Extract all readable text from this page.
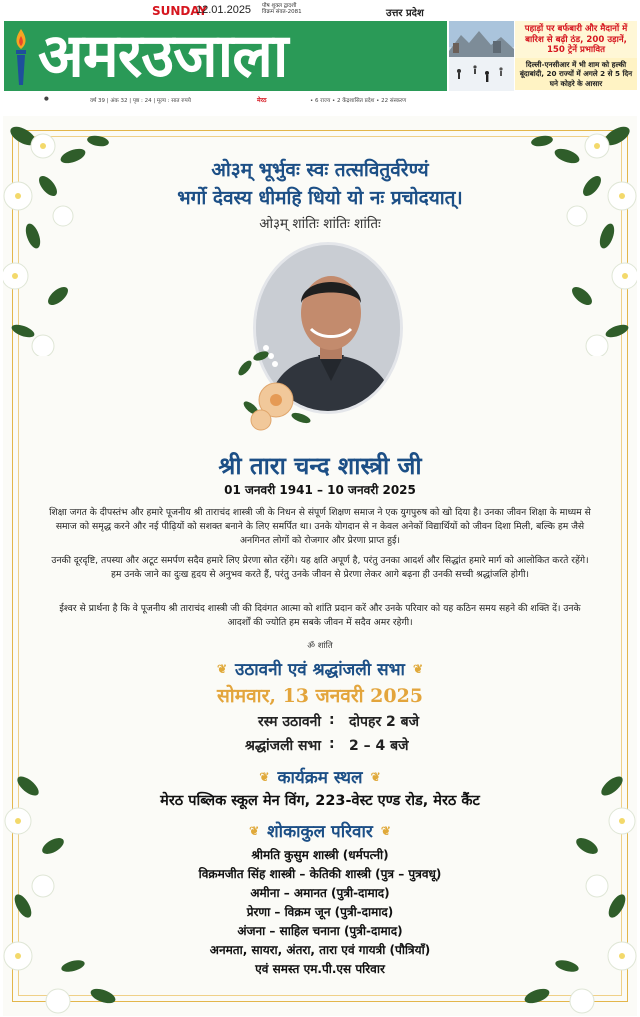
SUNDAY
12.01.2025 पौष शुक्ल द्वादशी
विक्रम संवत-2081	उत्तर प्रदेश
अमरउजाला	पहाड़ों पर बर्फबारी और मैदानों में बारिश से बढ़ी ठंड, 200 उड़ानें, 150 ट्रेनें प्रभावित
दिल्ली-एनसीआर में भी शाम को हल्की बूंदाबांदी, 20 राज्यों में अगले 2 से 5 दिन घने कोहरे के आसार
●	वर्ष 39 | अंक 32 | पृष्ठ : 24 | मूल्य : सात रुपये	मेरठ	• 6 राज्य • 2 केंद्रशासित प्रदेश • 22 संस्करण
ओ३म् भूर्भुवः स्वः तत्सवितुर्वरेण्यं
भर्गो देवस्य धीमहि धियो यो नः प्रचोदयात्।
ओ३म् शांतिः शांतिः शांतिः
श्री तारा चन्द शास्त्री जी
01 जनवरी 1941 – 10 जनवरी 2025
शिक्षा जगत के दीपस्तंभ और हमारे पूजनीय श्री ताराचंद शास्त्री जी के निधन से संपूर्ण शिक्षण समाज ने एक युगपुरुष को खो दिया है। उनका जीवन शिक्षा के माध्यम से समाज को समृद्ध करने और नई पीढ़ियों को सशक्त बनाने के लिए समर्पित था। उनके योगदान से न केवल अनेकों विद्यार्थियों को जीवन दिशा मिली, बल्कि हम जैसे अनगिनत लोगों को रोजगार और प्रेरणा प्राप्त हुई।
उनकी दूरदृष्टि, तपस्या और अटूट समर्पण सदैव हमारे लिए प्रेरणा स्रोत रहेंगे। यह क्षति अपूर्ण है, परंतु उनका आदर्श और सिद्धांत हमारे मार्ग को आलोकित करते रहेंगे। हम उनके जाने का दुःख हृदय से अनुभव करते हैं, परंतु उनके जीवन से प्रेरणा लेकर आगे बढ़ना ही उनकी सच्ची श्रद्धांजलि होगी।
ईश्वर से प्रार्थना है कि वे पूजनीय श्री ताराचंद शास्त्री जी की दिवंगत आत्मा को शांति प्रदान करें और उनके परिवार को यह कठिन समय सहने की शक्ति दें। उनके आदर्शों की ज्योति हम सबके जीवन में सदैव अमर रहेगी।
ॐ शांति
❦ उठावनी एवं श्रद्धांजली सभा ❦
सोमवार, 13 जनवरी 2025
रस्म उठावनी : दोपहर 2 बजे
श्रद्धांजली सभा : 2 – 4 बजे
❦ कार्यक्रम स्थल ❦
मेरठ पब्लिक स्कूल मेन विंग, 223-वेस्ट एण्ड रोड, मेरठ कैंट
❦ शोकाकुल परिवार ❦
श्रीमति कुसुम शास्त्री (धर्मपत्नी)
विक्रमजीत सिंह शास्त्री – केतिकी शास्त्री (पुत्र – पुत्रवधू)
अमीना – अमानत (पुत्री-दामाद)
प्रेरणा – विक्रम जून (पुत्री-दामाद)
अंजना – साहिल चनाना (पुत्री-दामाद)
अनमता, सायरा, अंतरा, तारा एवं गायत्री (पौत्रियाँ)
एवं समस्त एम.पी.एस परिवार
